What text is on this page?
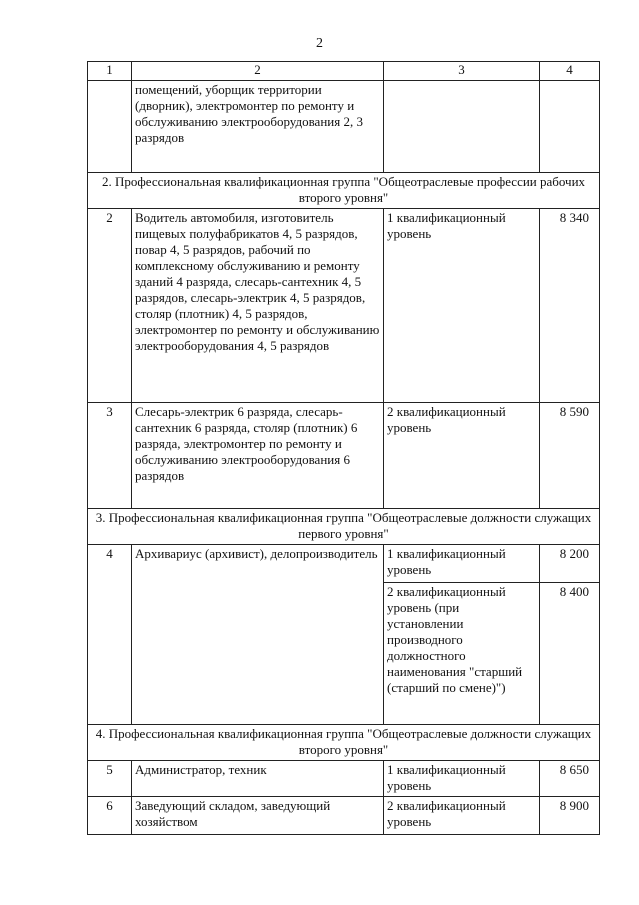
2
1	2	3	4
	помещений, уборщик территории (дворник), электромонтер по ремонту и обслуживанию электрооборудования 2, 3 разрядов		
2. Профессиональная квалификационная группа "Общеотраслевые профессии рабочих второго уровня"			
2	Водитель автомобиля, изготовитель пищевых полуфабрикатов 4, 5 разрядов, повар 4, 5 разрядов, рабочий по комплексному обслуживанию и ремонту зданий 4 разряда, слесарь-сантехник 4, 5 разрядов, слесарь-электрик 4, 5 разрядов, столяр (плотник) 4, 5 разрядов, электромонтер по ремонту и обслуживанию электрооборудования 4, 5 разрядов	1 квалификационный уровень	8 340
3	Слесарь-электрик 6 разряда, слесарь-сантехник 6 разряда, столяр (плотник) 6 разряда, электромонтер по ремонту и обслуживанию электрооборудования 6 разрядов	2 квалификационный уровень	8 590
3. Профессиональная квалификационная группа "Общеотраслевые должности служащих первого уровня"			
4	Архивариус (архивист), делопроизводитель	1 квалификационный уровень	8 200
		2 квалификационный уровень (при установлении производного должностного наименования "старший (старший по смене)")	8 400
4. Профессиональная квалификационная группа "Общеотраслевые должности служащих второго уровня"			
5	Администратор, техник	1 квалификационный уровень	8 650
6	Заведующий складом, заведующий хозяйством	2 квалификационный уровень	8 900
